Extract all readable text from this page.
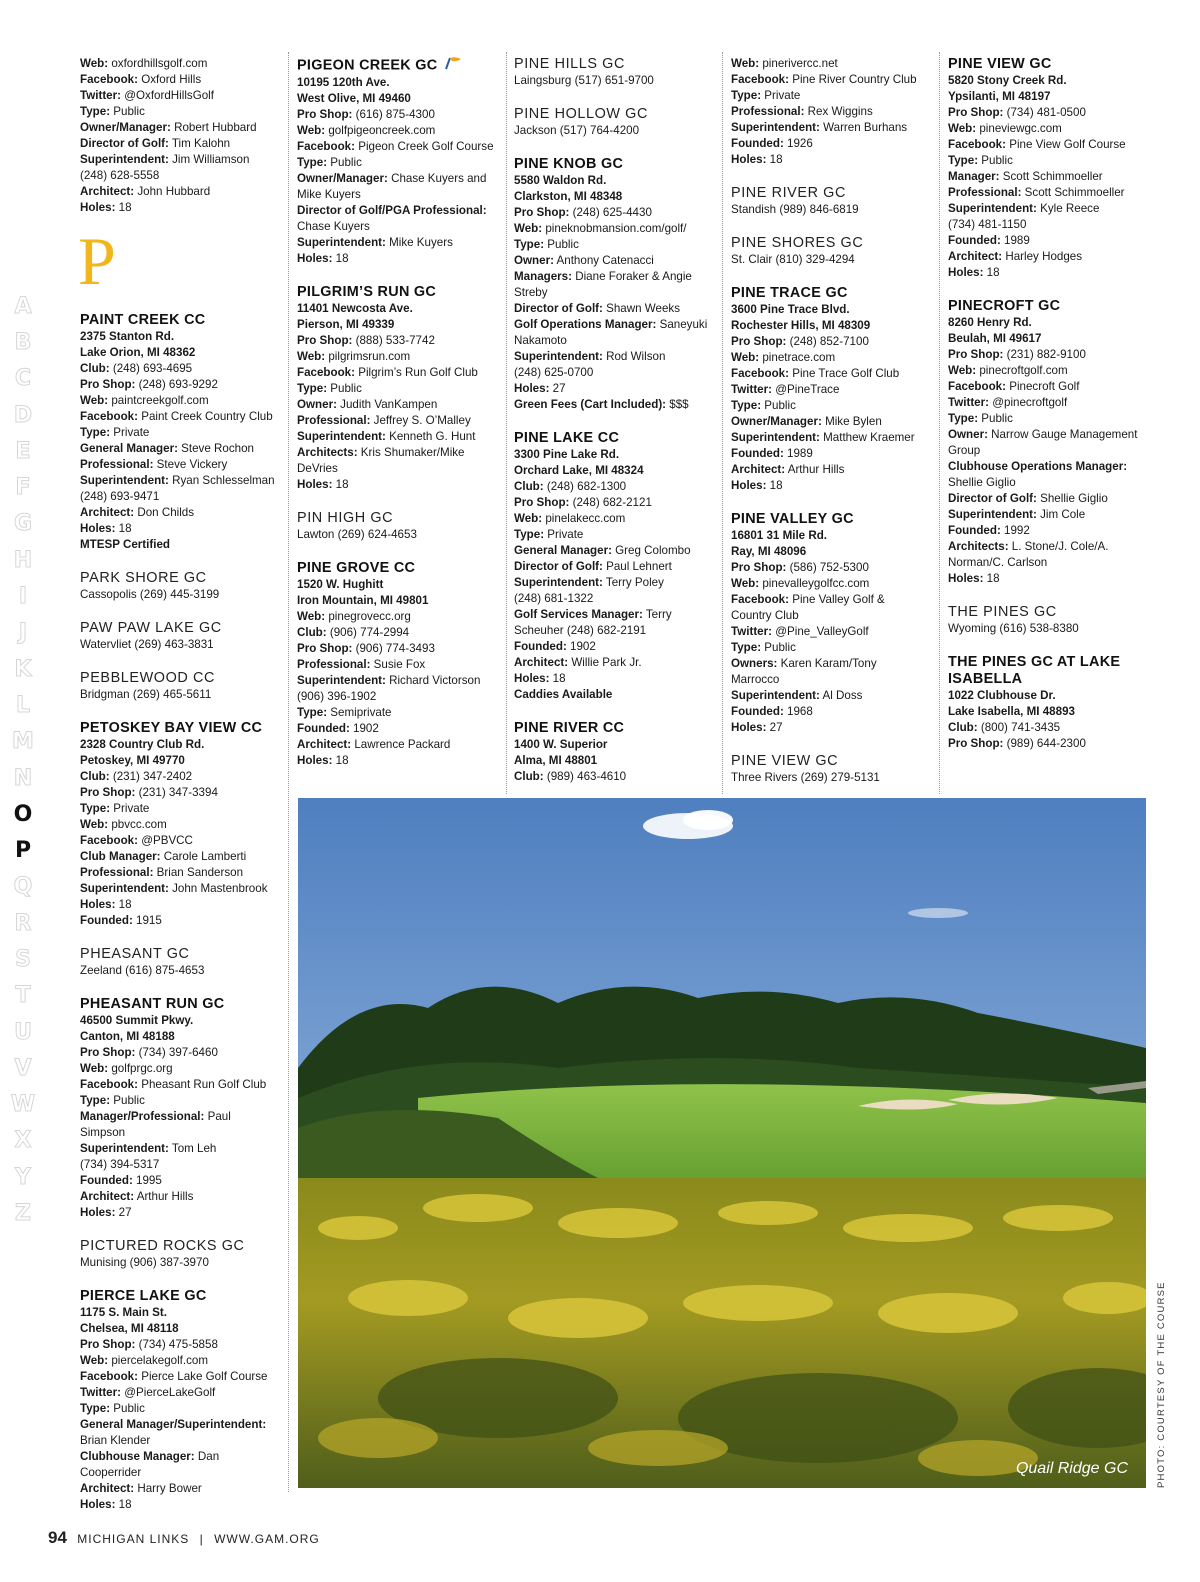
A
B
C
D
E
F
G
H
I
J
K
L
M
N
O
P
Q
R
S
T
U
V
W
X
Y
Z
Web: oxfordhillsgolf.com
Facebook: Oxford Hills
Twitter: @OxfordHillsGolf
Type: Public
Owner/Manager: Robert Hubbard
Director of Golf: Tim Kalohn
Superintendent: Jim Williamson
(248) 628-5558
Architect: John Hubbard
Holes: 18
P
PAINT CREEK CC
2375 Stanton Rd.
Lake Orion, MI 48362
Club: (248) 693-4695
Pro Shop: (248) 693-9292
Web: paintcreekgolf.com
Facebook: Paint Creek Country Club
Type: Private
General Manager: Steve Rochon
Professional: Steve Vickery
Superintendent: Ryan Schlesselman
(248) 693-9471
Architect: Don Childs
Holes: 18
MTESP Certified
PARK SHORE GC
Cassopolis (269) 445-3199
PAW PAW LAKE GC
Watervliet (269) 463-3831
PEBBLEWOOD CC
Bridgman (269) 465-5611
PETOSKEY BAY VIEW CC
2328 Country Club Rd.
Petoskey, MI 49770
Club: (231) 347-2402
Pro Shop: (231) 347-3394
Type: Private
Web: pbvcc.com
Facebook: @PBVCC
Club Manager: Carole Lamberti
Professional: Brian Sanderson
Superintendent: John Mastenbrook
Holes: 18
Founded: 1915
PHEASANT GC
Zeeland (616) 875-4653
PHEASANT RUN GC
46500 Summit Pkwy.
Canton, MI 48188
Pro Shop: (734) 397-6460
Web: golfprgc.org
Facebook: Pheasant Run Golf Club
Type: Public
Manager/Professional: Paul
Simpson
Superintendent: Tom Leh
(734) 394-5317
Founded: 1995
Architect: Arthur Hills
Holes: 27
PICTURED ROCKS GC
Munising (906) 387-3970
PIERCE LAKE GC
1175 S. Main St.
Chelsea, MI 48118
Pro Shop: (734) 475-5858
Web: piercelakegolf.com
Facebook: Pierce Lake Golf Course
Twitter: @PierceLakeGolf
Type: Public
General Manager/Superintendent:
Brian Klender
Clubhouse Manager: Dan
Cooperrider
Architect: Harry Bower
Holes: 18
PIGEON CREEK GC
10195 120th Ave.
West Olive, MI 49460
Pro Shop: (616) 875-4300
Web: golfpigeoncreek.com
Facebook: Pigeon Creek Golf Course
Type: Public
Owner/Manager: Chase Kuyers and
Mike Kuyers
Director of Golf/PGA Professional:
Chase Kuyers
Superintendent: Mike Kuyers
Holes: 18
PILGRIM’S RUN GC
11401 Newcosta Ave.
Pierson, MI 49339
Pro Shop: (888) 533-7742
Web: pilgrimsrun.com
Facebook: Pilgrim’s Run Golf Club
Type: Public
Owner: Judith VanKampen
Professional: Jeffrey S. O’Malley
Superintendent: Kenneth G. Hunt
Architects: Kris Shumaker/Mike
DeVries
Holes: 18
PIN HIGH GC
Lawton (269) 624-4653
PINE GROVE CC
1520 W. Hughitt
Iron Mountain, MI 49801
Web: pinegrovecc.org
Club: (906) 774-2994
Pro Shop: (906) 774-3493
Professional: Susie Fox
Superintendent: Richard Victorson
(906) 396-1902
Type: Semiprivate
Founded: 1902
Architect: Lawrence Packard
Holes: 18
PINE HILLS GC
Laingsburg (517) 651-9700
PINE HOLLOW GC
Jackson (517) 764-4200
PINE KNOB GC
5580 Waldon Rd.
Clarkston, MI 48348
Pro Shop: (248) 625-4430
Web: pineknobmansion.com/golf/
Type: Public
Owner: Anthony Catenacci
Managers: Diane Foraker & Angie
Streby
Director of Golf: Shawn Weeks
Golf Operations Manager: Saneyuki
Nakamoto
Superintendent: Rod Wilson
(248) 625-0700
Holes: 27
Green Fees (Cart Included): $$$
PINE LAKE CC
3300 Pine Lake Rd.
Orchard Lake, MI 48324
Club: (248) 682-1300
Pro Shop: (248) 682-2121
Web: pinelakecc.com
Type: Private
General Manager: Greg Colombo
Director of Golf: Paul Lehnert
Superintendent: Terry Poley
(248) 681-1322
Golf Services Manager: Terry
Scheuher (248) 682-2191
Founded: 1902
Architect: Willie Park Jr.
Holes: 18
Caddies Available
PINE RIVER CC
1400 W. Superior
Alma, MI 48801
Club: (989) 463-4610
Web: pinerivercc.net
Facebook: Pine River Country Club
Type: Private
Professional: Rex Wiggins
Superintendent: Warren Burhans
Founded: 1926
Holes: 18
PINE RIVER GC
Standish (989) 846-6819
PINE SHORES GC
St. Clair (810) 329-4294
PINE TRACE GC
3600 Pine Trace Blvd.
Rochester Hills, MI 48309
Pro Shop: (248) 852-7100
Web: pinetrace.com
Facebook: Pine Trace Golf Club
Twitter: @PineTrace
Type: Public
Owner/Manager: Mike Bylen
Superintendent: Matthew Kraemer
Founded: 1989
Architect: Arthur Hills
Holes: 18
PINE VALLEY GC
16801 31 Mile Rd.
Ray, MI 48096
Pro Shop: (586) 752-5300
Web: pinevalleygolfcc.com
Facebook: Pine Valley Golf &
Country Club
Twitter: @Pine_ValleyGolf
Type: Public
Owners: Karen Karam/Tony
Marrocco
Superintendent: Al Doss
Founded: 1968
Holes: 27
PINE VIEW GC
Three Rivers (269) 279-5131
PINE VIEW GC
5820 Stony Creek Rd.
Ypsilanti, MI 48197
Pro Shop: (734) 481-0500
Web: pineviewgc.com
Facebook: Pine View Golf Course
Type: Public
Manager: Scott Schimmoeller
Professional: Scott Schimmoeller
Superintendent: Kyle Reece
(734) 481-1150
Founded: 1989
Architect: Harley Hodges
Holes: 18
PINECROFT GC
8260 Henry Rd.
Beulah, MI 49617
Pro Shop: (231) 882-9100
Web: pinecroftgolf.com
Facebook: Pinecroft Golf
Twitter: @pinecroftgolf
Type: Public
Owner: Narrow Gauge Management
Group
Clubhouse Operations Manager:
Shellie Giglio
Director of Golf: Shellie Giglio
Superintendent: Jim Cole
Founded: 1992
Architects: L. Stone/J. Cole/A.
Norman/C. Carlson
Holes: 18
THE PINES GC
Wyoming (616) 538-8380
THE PINES GC AT LAKE ISABELLA
1022 Clubhouse Dr.
Lake Isabella, MI 48893
Club: (800) 741-3435
Pro Shop: (989) 644-2300
Quail Ridge GC	PHOTO: COURTESY OF THE COURSE
94 MICHIGAN LINKS | WWW.GAM.ORG
